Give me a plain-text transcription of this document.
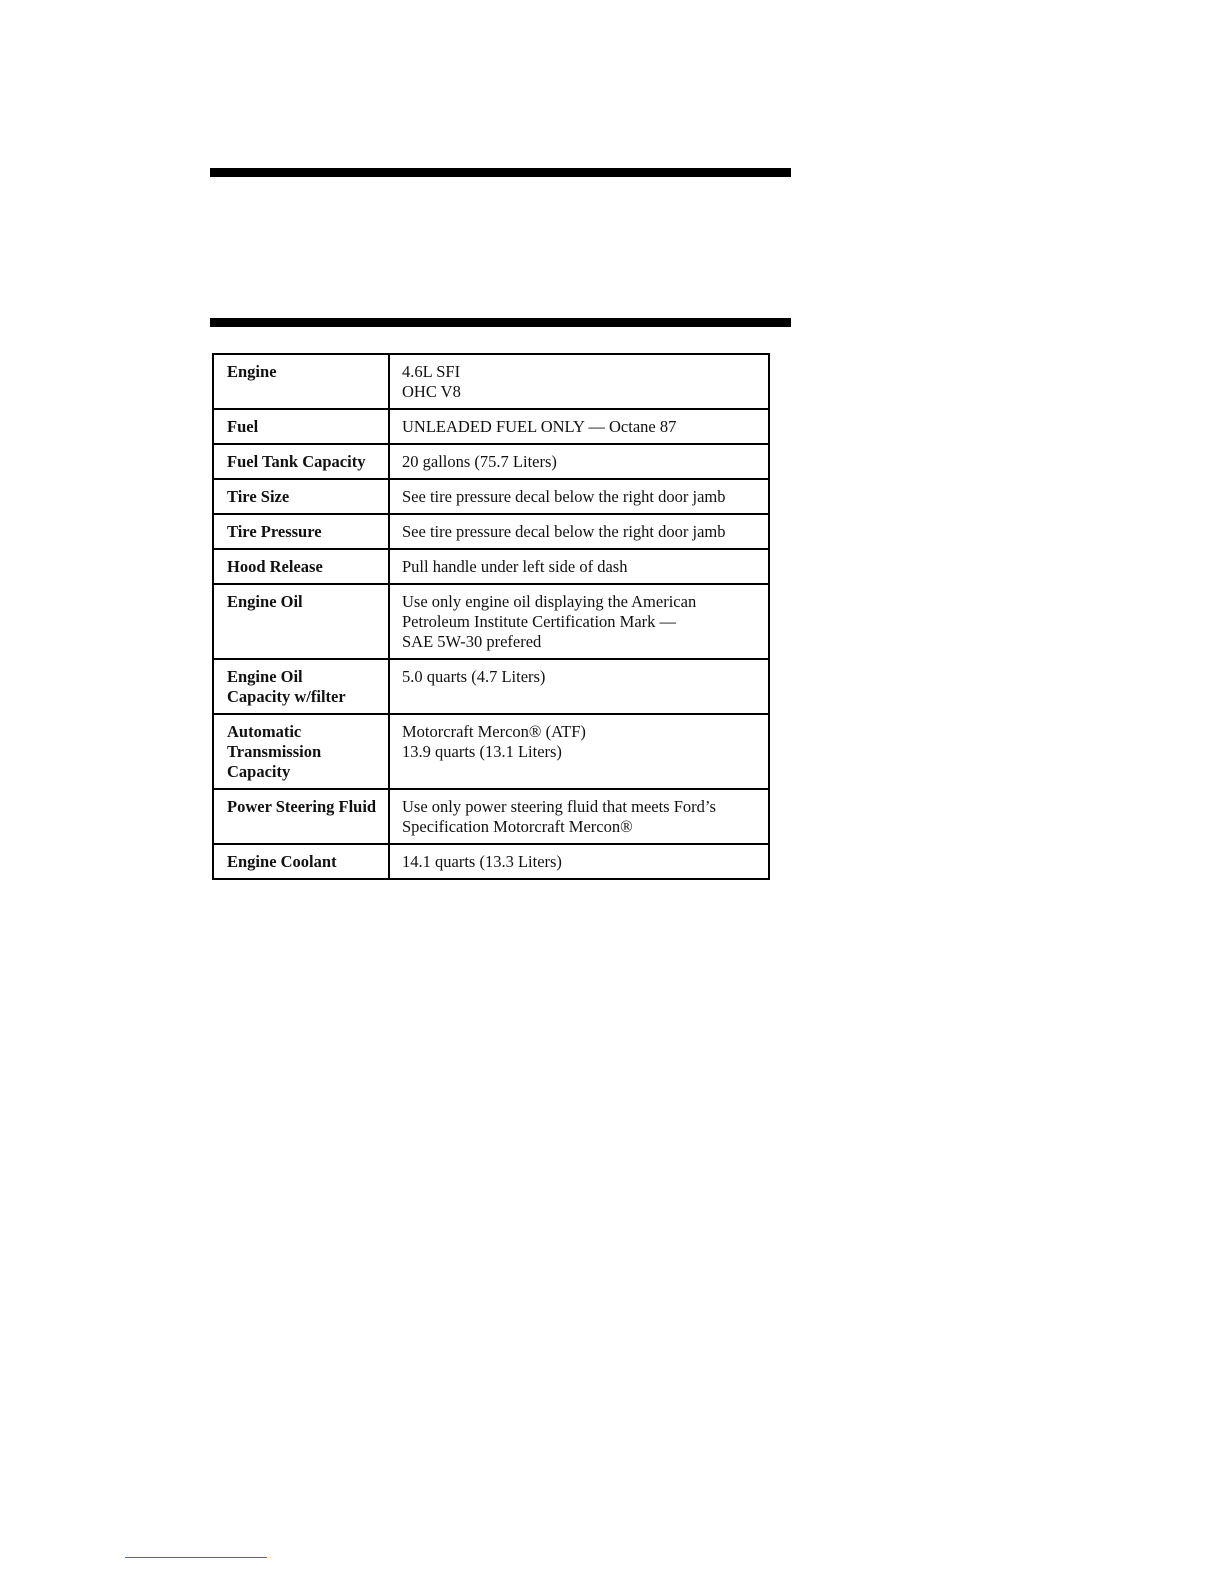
Engine	4.6L SFI
OHC V8
Fuel	UNLEADED FUEL ONLY — Octane 87
Fuel Tank Capacity	20 gallons (75.7 Liters)
Tire Size	See tire pressure decal below the right door jamb
Tire Pressure	See tire pressure decal below the right door jamb
Hood Release	Pull handle under left side of dash
Engine Oil	Use only engine oil displaying the American
Petroleum Institute Certification Mark —
SAE 5W-30 prefered
Engine Oil
Capacity w/filter	5.0 quarts (4.7 Liters)
Automatic
Transmission
Capacity	Motorcraft Mercon® (ATF)
13.9 quarts (13.1 Liters)
Power Steering Fluid	Use only power steering fluid that meets Ford’s
Specification Motorcraft Mercon®
Engine Coolant	14.1 quarts (13.3 Liters)
